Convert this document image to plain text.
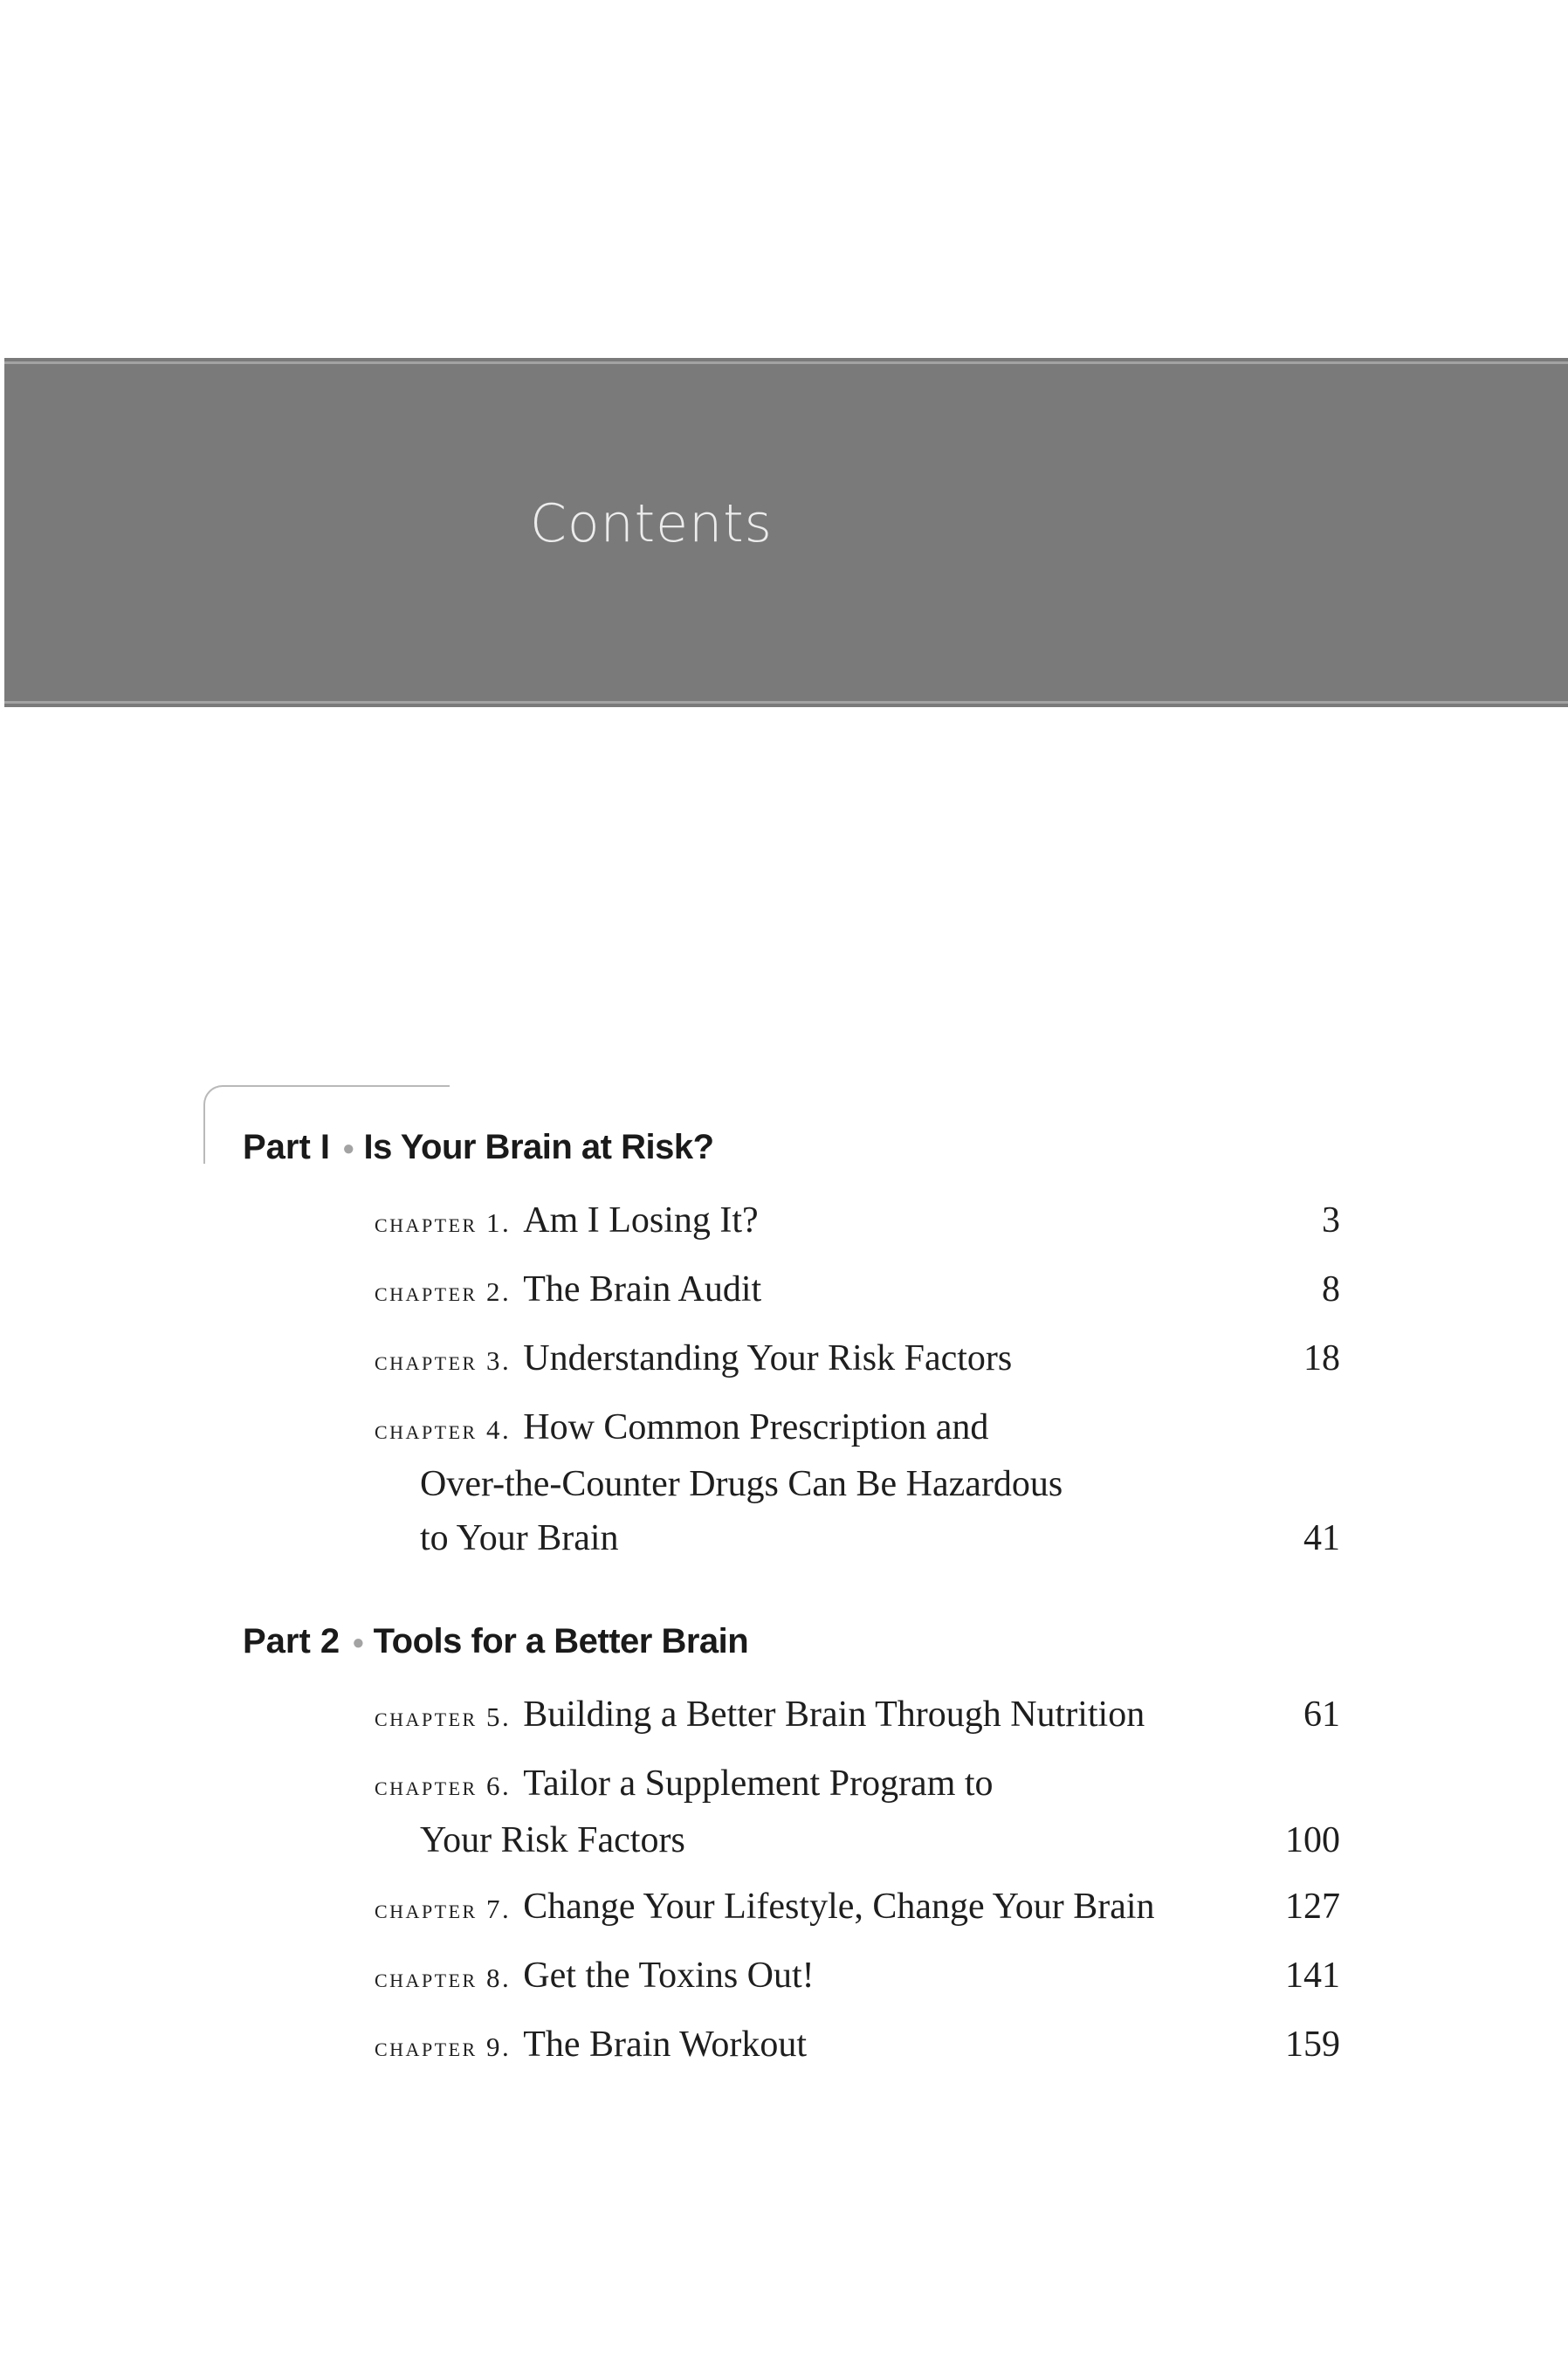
Contents
Part I ● Is Your Brain at Risk?
chapter 1. Am I Losing It?	3
chapter 2. The Brain Audit	8
chapter 3. Understanding Your Risk Factors	18
chapter 4. How Common Prescription and
Over-the-Counter Drugs Can Be Hazardous
to Your Brain	41
Part 2 ● Tools for a Better Brain
chapter 5. Building a Better Brain Through Nutrition	61
chapter 6. Tailor a Supplement Program to
Your Risk Factors	100
chapter 7. Change Your Lifestyle, Change Your Brain	127
chapter 8. Get the Toxins Out!	141
chapter 9. The Brain Workout	159
